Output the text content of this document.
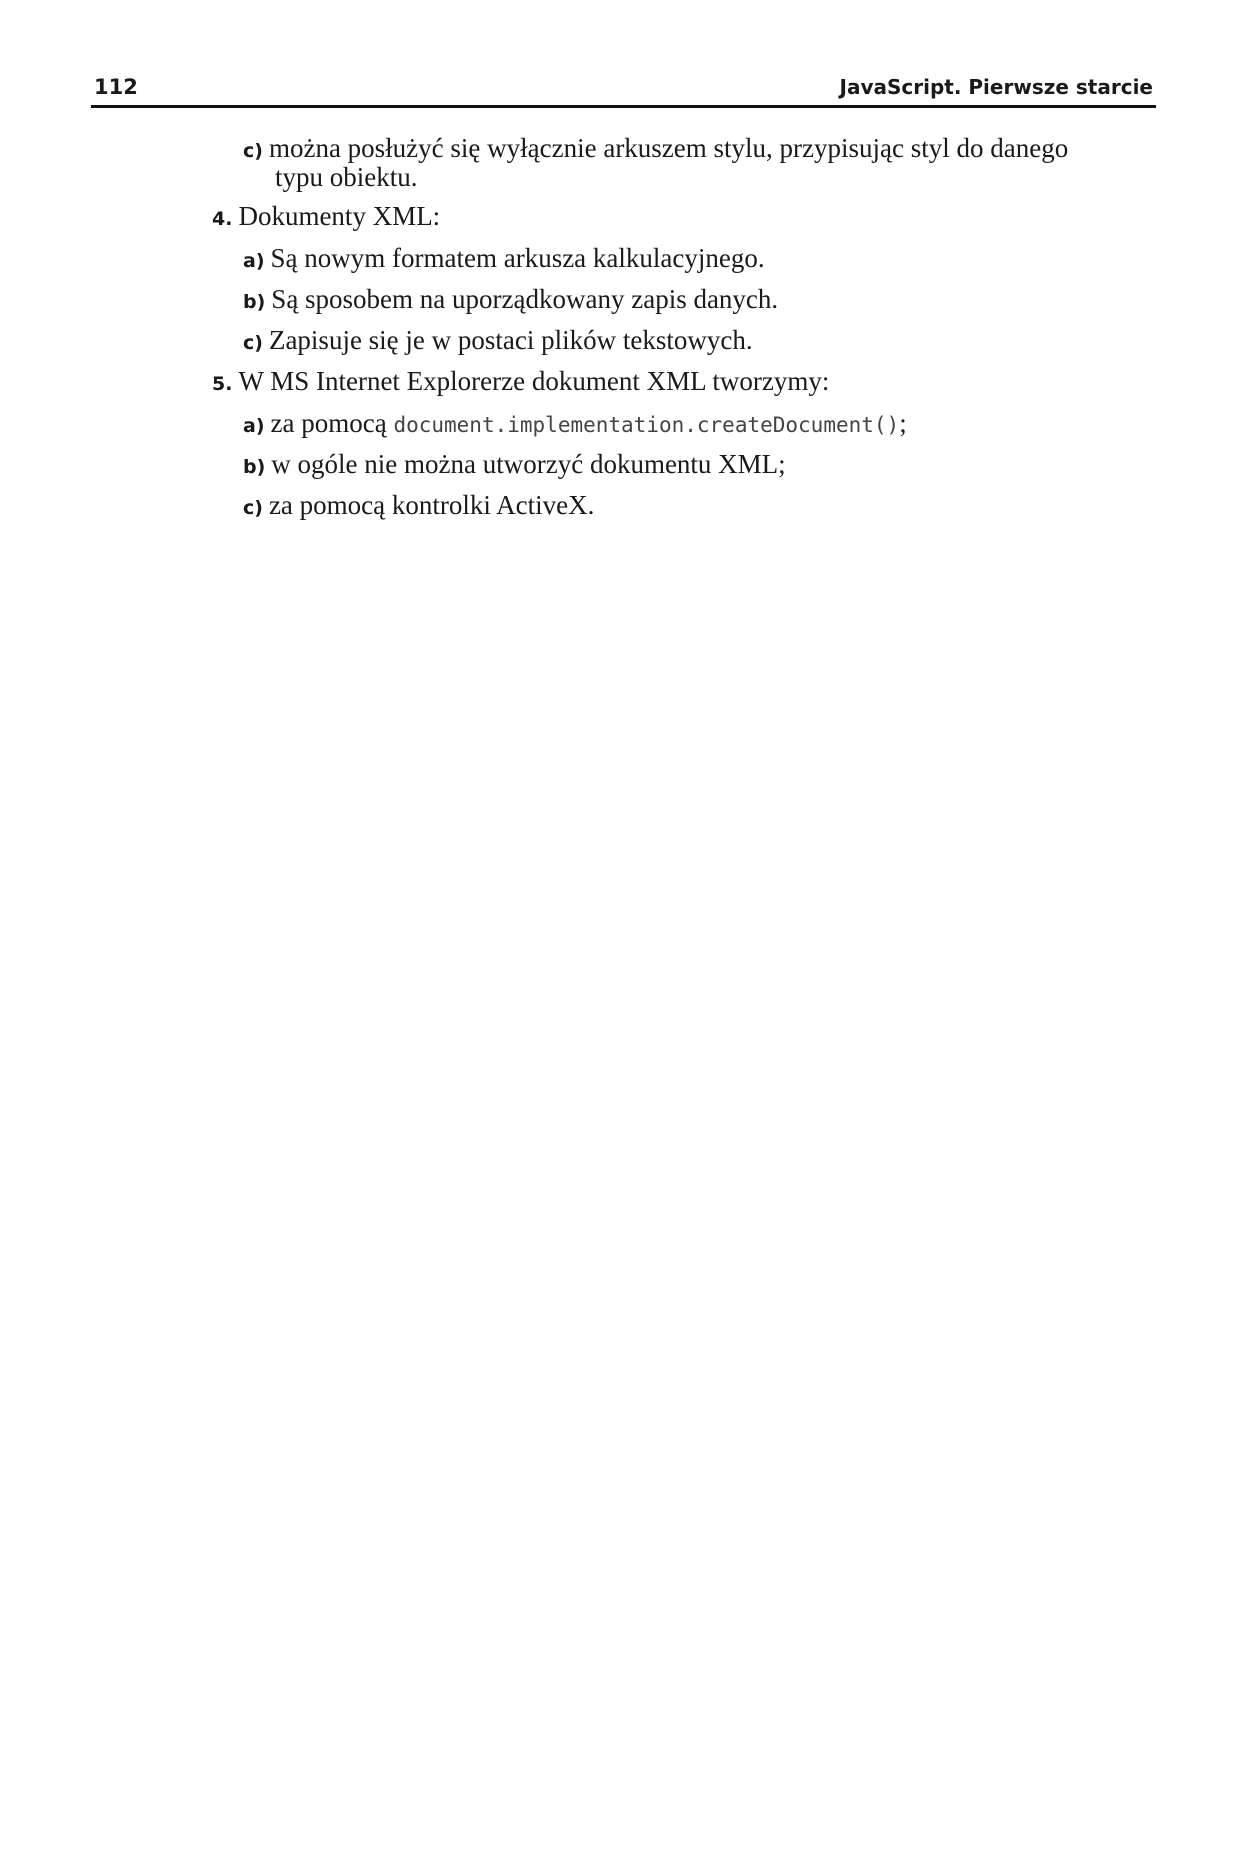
112	JavaScript. Pierwsze starcie
c) można posłużyć się wyłącznie arkuszem stylu, przypisując styl do danego
typu obiektu.
4. Dokumenty XML:
a) Są nowym formatem arkusza kalkulacyjnego.
b) Są sposobem na uporządkowany zapis danych.
c) Zapisuje się je w postaci plików tekstowych.
5. W MS Internet Explorerze dokument XML tworzymy:
a) za pomocą document.implementation.createDocument();
b) w ogóle nie można utworzyć dokumentu XML;
c) za pomocą kontrolki ActiveX.
